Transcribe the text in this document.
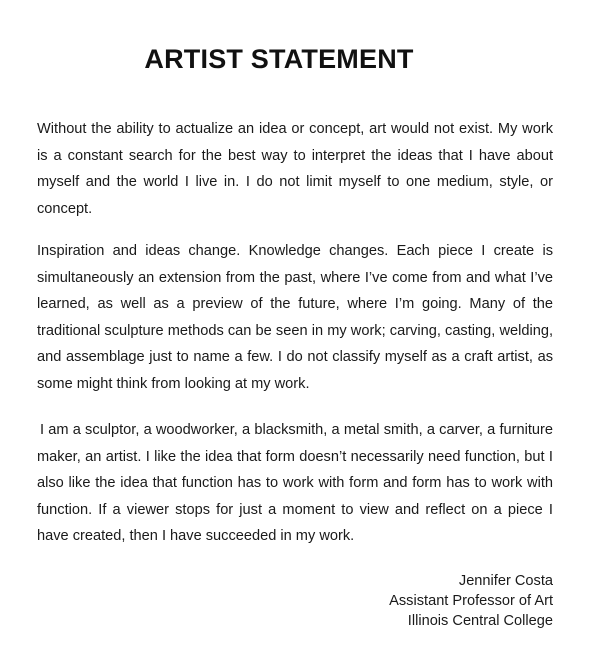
ARTIST STATEMENT

Without the ability to actualize an idea or concept, art would not exist. My work is a constant search for the best way to interpret the ideas that I have about myself and the world I live in. I do not limit myself to one medium, style, or concept.

Inspiration and ideas change. Knowledge changes. Each piece I create is simultaneously an extension from the past, where I’ve come from and what I’ve learned, as well as a preview of the future, where I’m going. Many of the traditional sculpture methods can be seen in my work; carving, casting, welding, and assemblage just to name a few. I do not classify myself as a craft artist, as some might think from looking at my work.

I am a sculptor, a woodworker, a blacksmith, a metal smith, a carver, a furniture maker, an artist. I like the idea that form doesn’t necessarily need function, but I also like the idea that function has to work with form and form has to work with function. If a viewer stops for just a moment to view and reflect on a piece I have created, then I have succeeded in my work.

Jennifer Costa
Assistant Professor of Art
Illinois Central College
